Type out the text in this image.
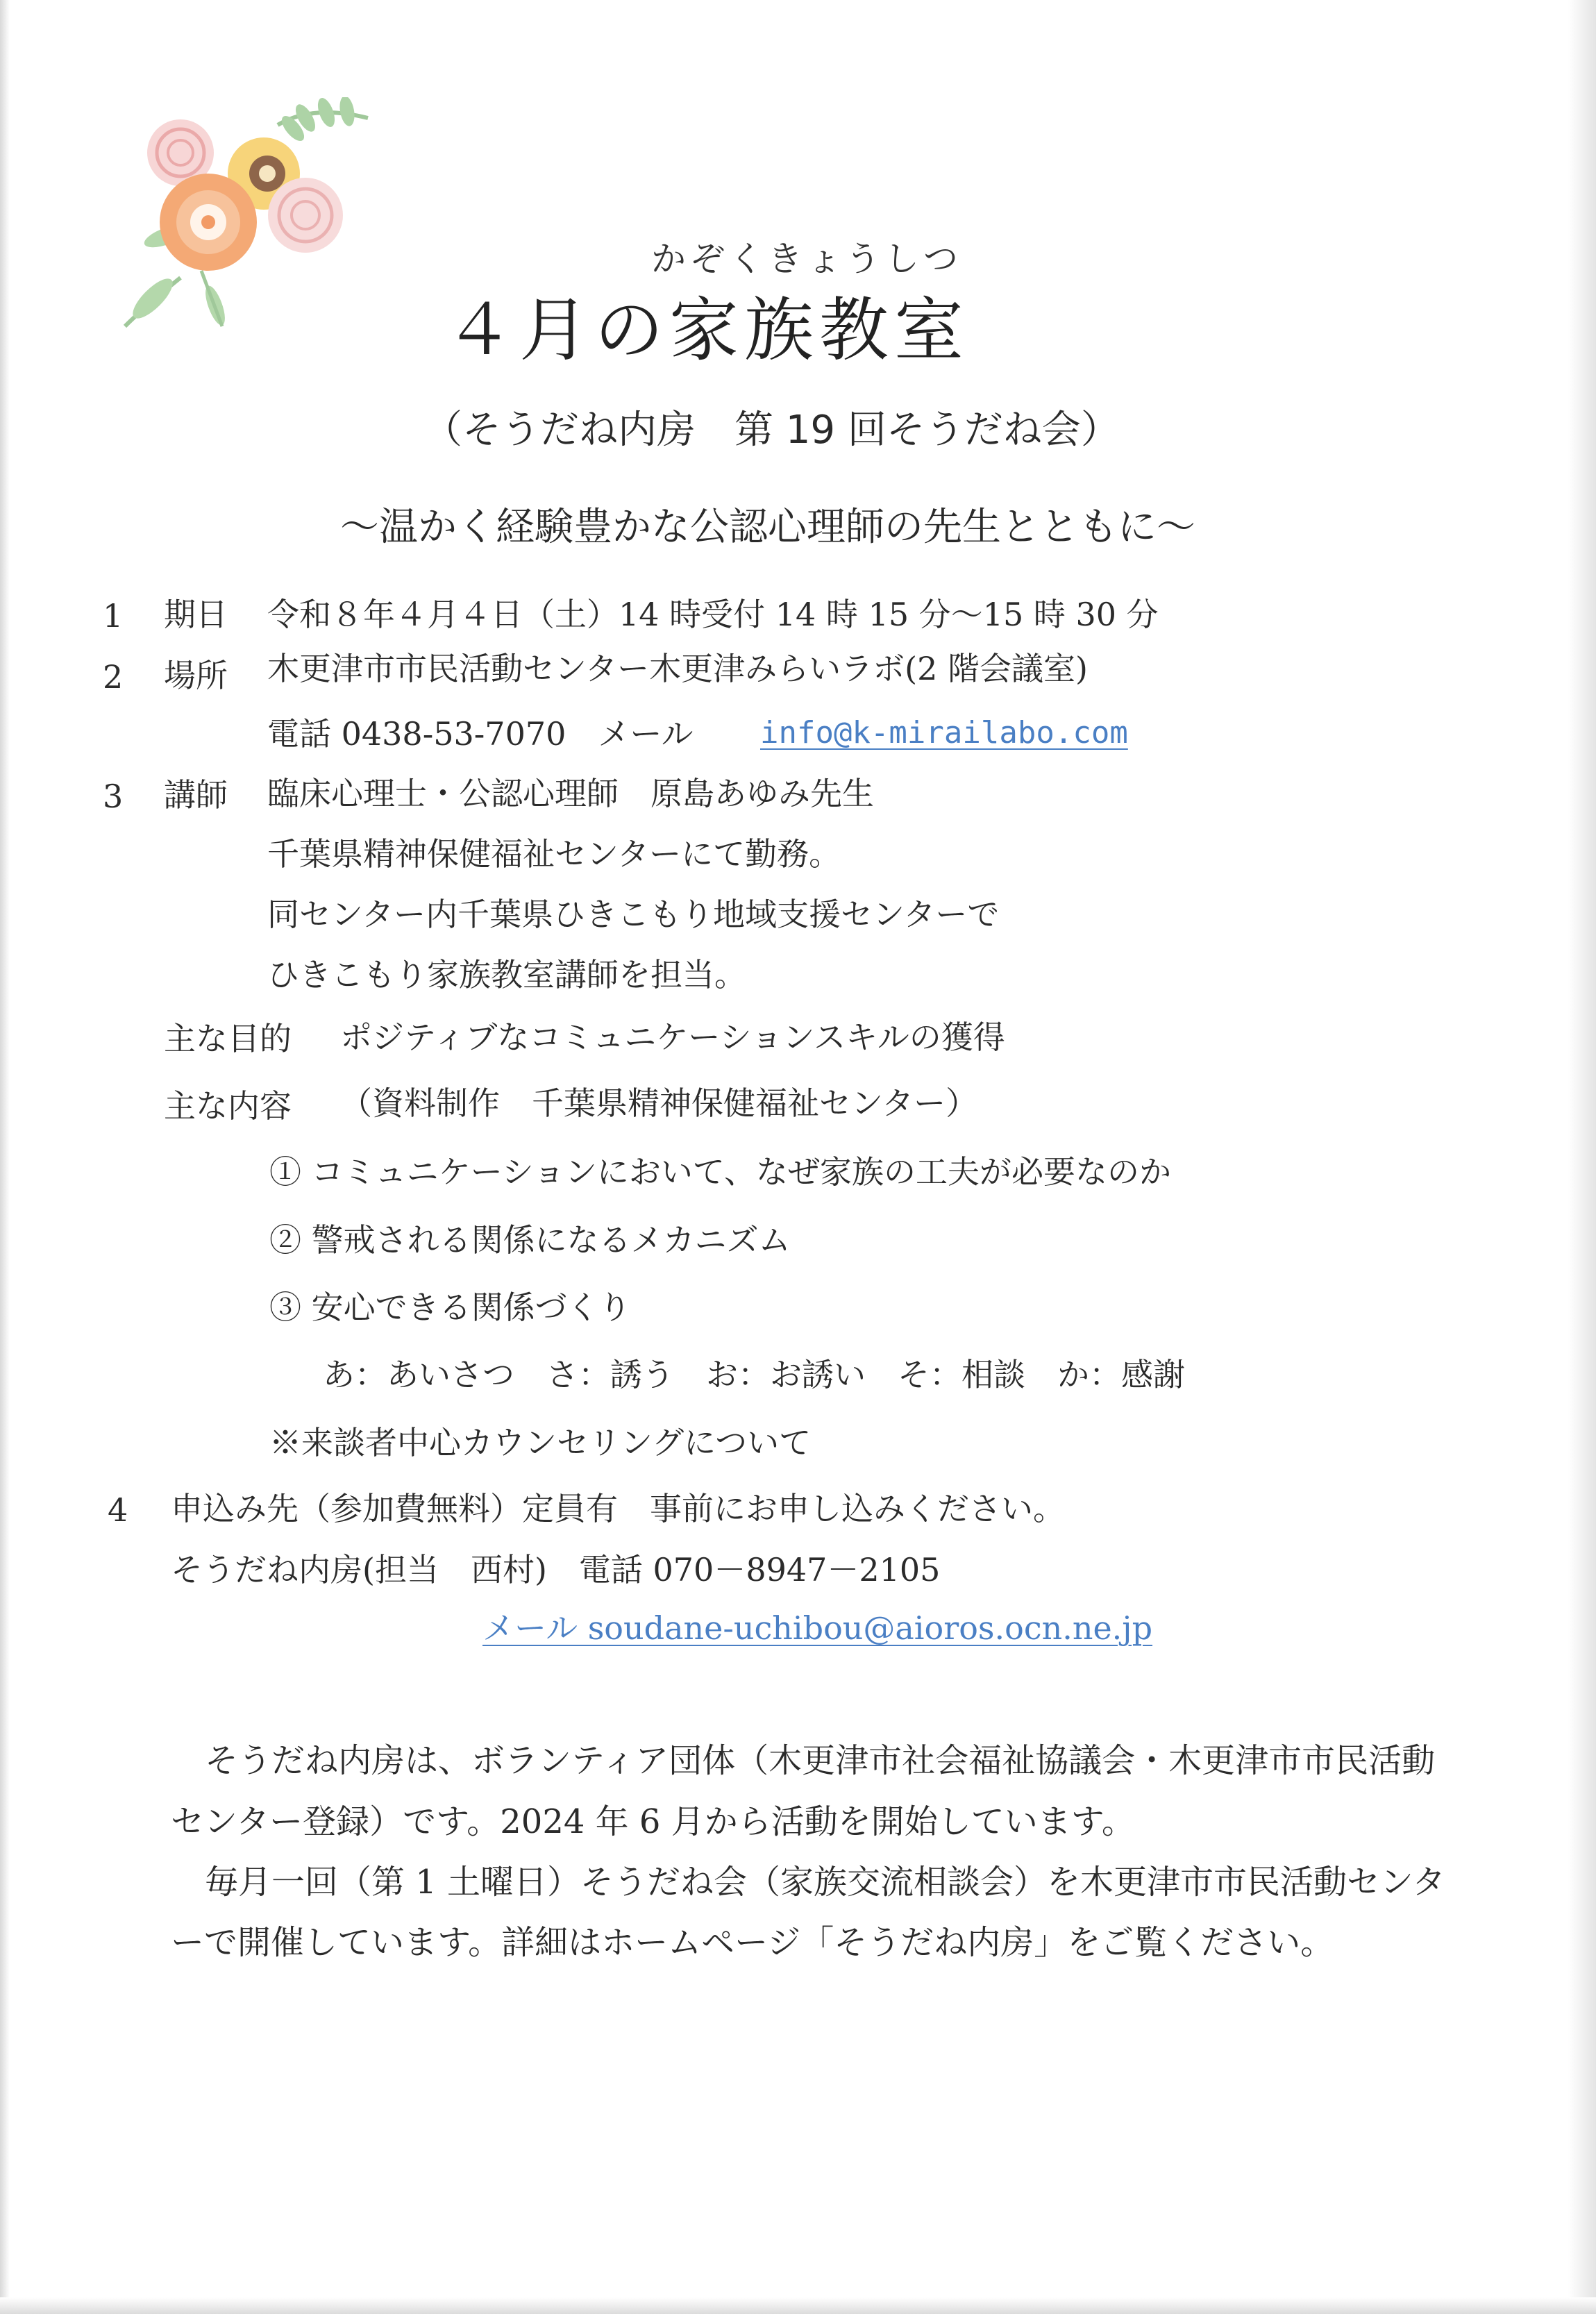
かぞくきょうしつ
４月の家族教室
（そうだね内房　第 19 回そうだね会）
～温かく経験豊かな公認心理師の先生とともに～
1 期日 令和８年４月４日（土）14 時受付 14 時 15 分～15 時 30 分
2 場所 木更津市市民活動センター木更津みらいラボ(2 階会議室)
電話 0438-53-7070　メール info@k-mirailabo.com
3 講師 臨床心理士・公認心理師　原島あゆみ先生
千葉県精神保健福祉センターにて勤務。
同センター内千葉県ひきこもり地域支援センターで
ひきこもり家族教室講師を担当。
主な目的 ポジティブなコミュニケーションスキルの獲得
主な内容 （資料制作　千葉県精神保健福祉センター）
① コミュニケーションにおいて、なぜ家族の工夫が必要なのか
② 警戒される関係になるメカニズム
③ 安心できる関係づくり
あ：あいさつ　さ：誘う　お：お誘い　そ：相談　か：感謝
※来談者中心カウンセリングについて
4 申込み先（参加費無料）定員有　事前にお申し込みください。
そうだね内房(担当　西村)　電話 070－8947－2105
メール soudane-uchibou@aioros.ocn.ne.jp
そうだね内房は、ボランティア団体（木更津市社会福祉協議会・木更津市市民活動
センター登録）です。2024 年 6 月から活動を開始しています。
毎月一回（第 1 土曜日）そうだね会（家族交流相談会）を木更津市市民活動センタ
ーで開催しています。詳細はホームページ「そうだね内房」をご覧ください。
